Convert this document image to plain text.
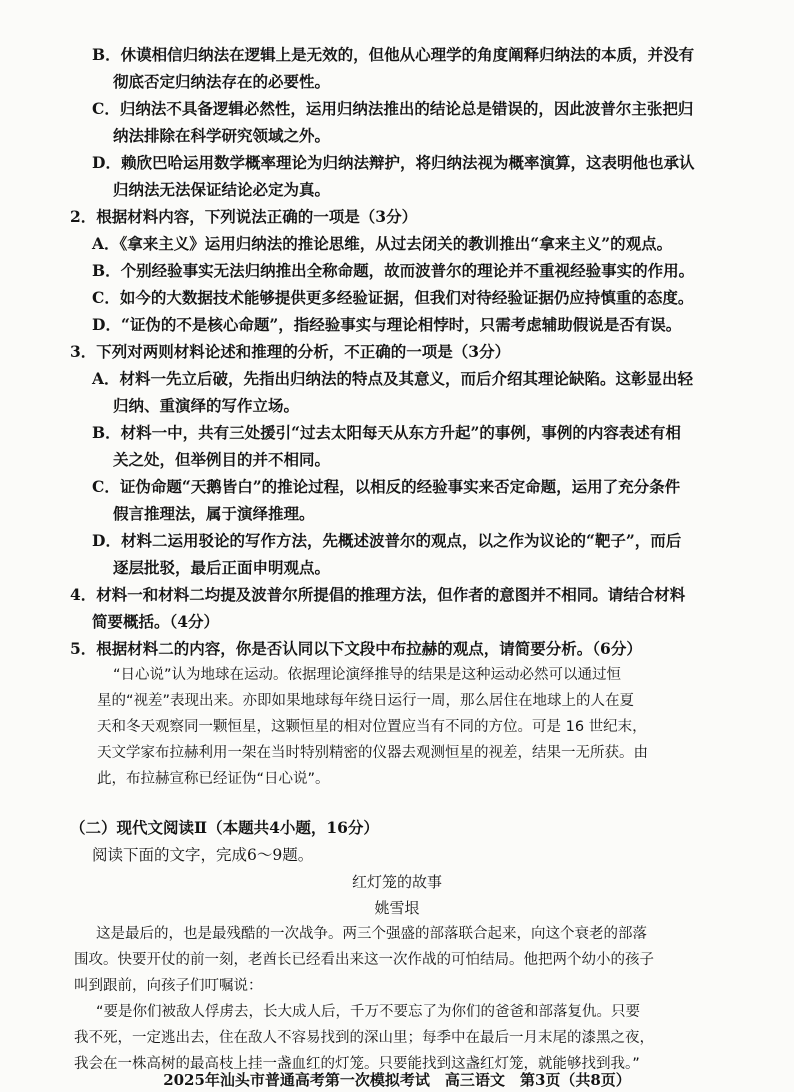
B．休谟相信归纳法在逻辑上是无效的，但他从心理学的角度阐释归纳法的本质，并没有
彻底否定归纳法存在的必要性。
C．归纳法不具备逻辑必然性，运用归纳法推出的结论总是错误的，因此波普尔主张把归
纳法排除在科学研究领域之外。
D．赖欣巴哈运用数学概率理论为归纳法辩护，将归纳法视为概率演算，这表明他也承认
归纳法无法保证结论必定为真。
2．根据材料内容，下列说法正确的一项是（3分）
A．《拿来主义》运用归纳法的推论思维，从过去闭关的教训推出“拿来主义”的观点。
B．个别经验事实无法归纳推出全称命题，故而波普尔的理论并不重视经验事实的作用。
C．如今的大数据技术能够提供更多经验证据，但我们对待经验证据仍应持慎重的态度。
D．“证伪的不是核心命题”，指经验事实与理论相悖时，只需考虑辅助假说是否有误。
3．下列对两则材料论述和推理的分析，不正确的一项是（3分）
A．材料一先立后破，先指出归纳法的特点及其意义，而后介绍其理论缺陷。这彰显出轻
归纳、重演绎的写作立场。
B．材料一中，共有三处援引“过去太阳每天从东方升起”的事例，事例的内容表述有相
关之处，但举例目的并不相同。
C．证伪命题“天鹅皆白”的推论过程，以相反的经验事实来否定命题，运用了充分条件
假言推理法，属于演绎推理。
D．材料二运用驳论的写作方法，先概述波普尔的观点，以之作为议论的“靶子”，而后
逐层批驳，最后正面申明观点。
4．材料一和材料二均提及波普尔所提倡的推理方法，但作者的意图并不相同。请结合材料
简要概括。（4分）
5．根据材料二的内容，你是否认同以下文段中布拉赫的观点，请简要分析。（6分）
“日心说”认为地球在运动。依据理论演绎推导的结果是这种运动必然可以通过恒
星的“视差”表现出来。亦即如果地球每年绕日运行一周，那么居住在地球上的人在夏
天和冬天观察同一颗恒星，这颗恒星的相对位置应当有不同的方位。可是 16 世纪末，
天文学家布拉赫利用一架在当时特别精密的仪器去观测恒星的视差，结果一无所获。由
此，布拉赫宣称已经证伪“日心说”。
（二）现代文阅读Ⅱ（本题共4小题，16分）
阅读下面的文字，完成6～9题。
红灯笼的故事
姚雪垠
这是最后的，也是最残酷的一次战争。两三个强盛的部落联合起来，向这个衰老的部落
围攻。快要开仗的前一刻，老酋长已经看出来这一次作战的可怕结局。他把两个幼小的孩子
叫到跟前，向孩子们叮嘱说：
“要是你们被敌人俘虏去，长大成人后，千万不要忘了为你们的爸爸和部落复仇。只要
我不死，一定逃出去，住在敌人不容易找到的深山里；每季中在最后一月末尾的漆黑之夜，
我会在一株高树的最高枝上挂一盏血红的灯笼。只要能找到这盏红灯笼，就能够找到我。”
2025年汕头市普通高考第一次模拟考试　高三语文　第3页（共8页）
